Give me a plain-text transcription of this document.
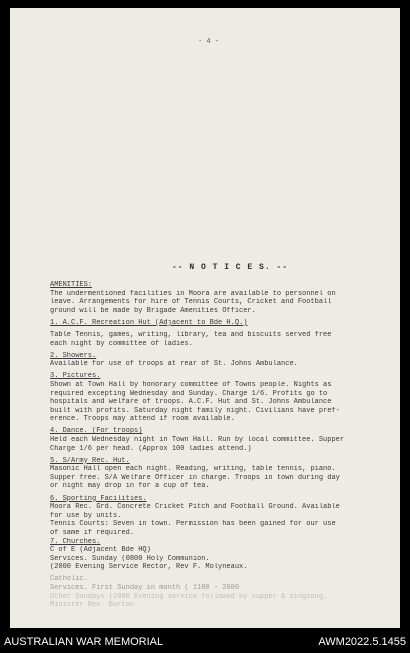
- 4 -
-- N O T I C E S. --
AMENITIES:
The undermentioned facilities in Moora are available to personnel on
leave. Arrangements for hire of Tennis Courts, Cricket and Football
ground will be made by Brigade Amenities Officer.
1. A.C.F. Recreation Hut (Adjacent to Bde H.Q.)
Table Tennis, games, writing, library, tea and biscuits served free
each night by committee of ladies.
2. Showers.
Available for use of troops at rear of St. Johns Ambulance.
3. Pictures.
Shown at Town Hall by honorary committee of Towns people. Nights as
required excepting Wednesday and Sunday. Charge 1/6. Profits go to
hospitals and welfare of troops. A.C.F. Hut and St. Johns Ambulance
built with profits. Saturday night family night. Civilians have pref-
erence. Troops may attend if room available.
4. Dance. (For troops)
Held each Wednesday night in Town Hall. Run by local committee. Supper
Charge 1/6 per head. (Approx 100 ladies attend.)
5. S/Army Rec. Hut.
Masonic Hall open each night. Reading, writing, table tennis, piano.
Supper free. S/A Welfare Officer in charge. Troops in town during day
or night may drop in for a cup of tea.
6. Sporting Facilities.
Moora Rec. Grd. Concrete Cricket Pitch and Football Ground. Available
for use by units.
Tennis Courts: Seven in town. Permission has been gained for our use
of same if required.
7. Churches.
C of E (Adjacent Bde HQ)
Services. Sunday (0800 Holy Communion.
(2000 Evening Service Rector, Rev F. Molyneaux.
Catholic.
Services. First Sunday in month ( 1100 - 2000
Other Sundays (2000 Evening service followed by supper & singsong.
Minister Rev. Burton.
AUSTRALIAN WAR MEMORIAL	AWM2022.5.1455
